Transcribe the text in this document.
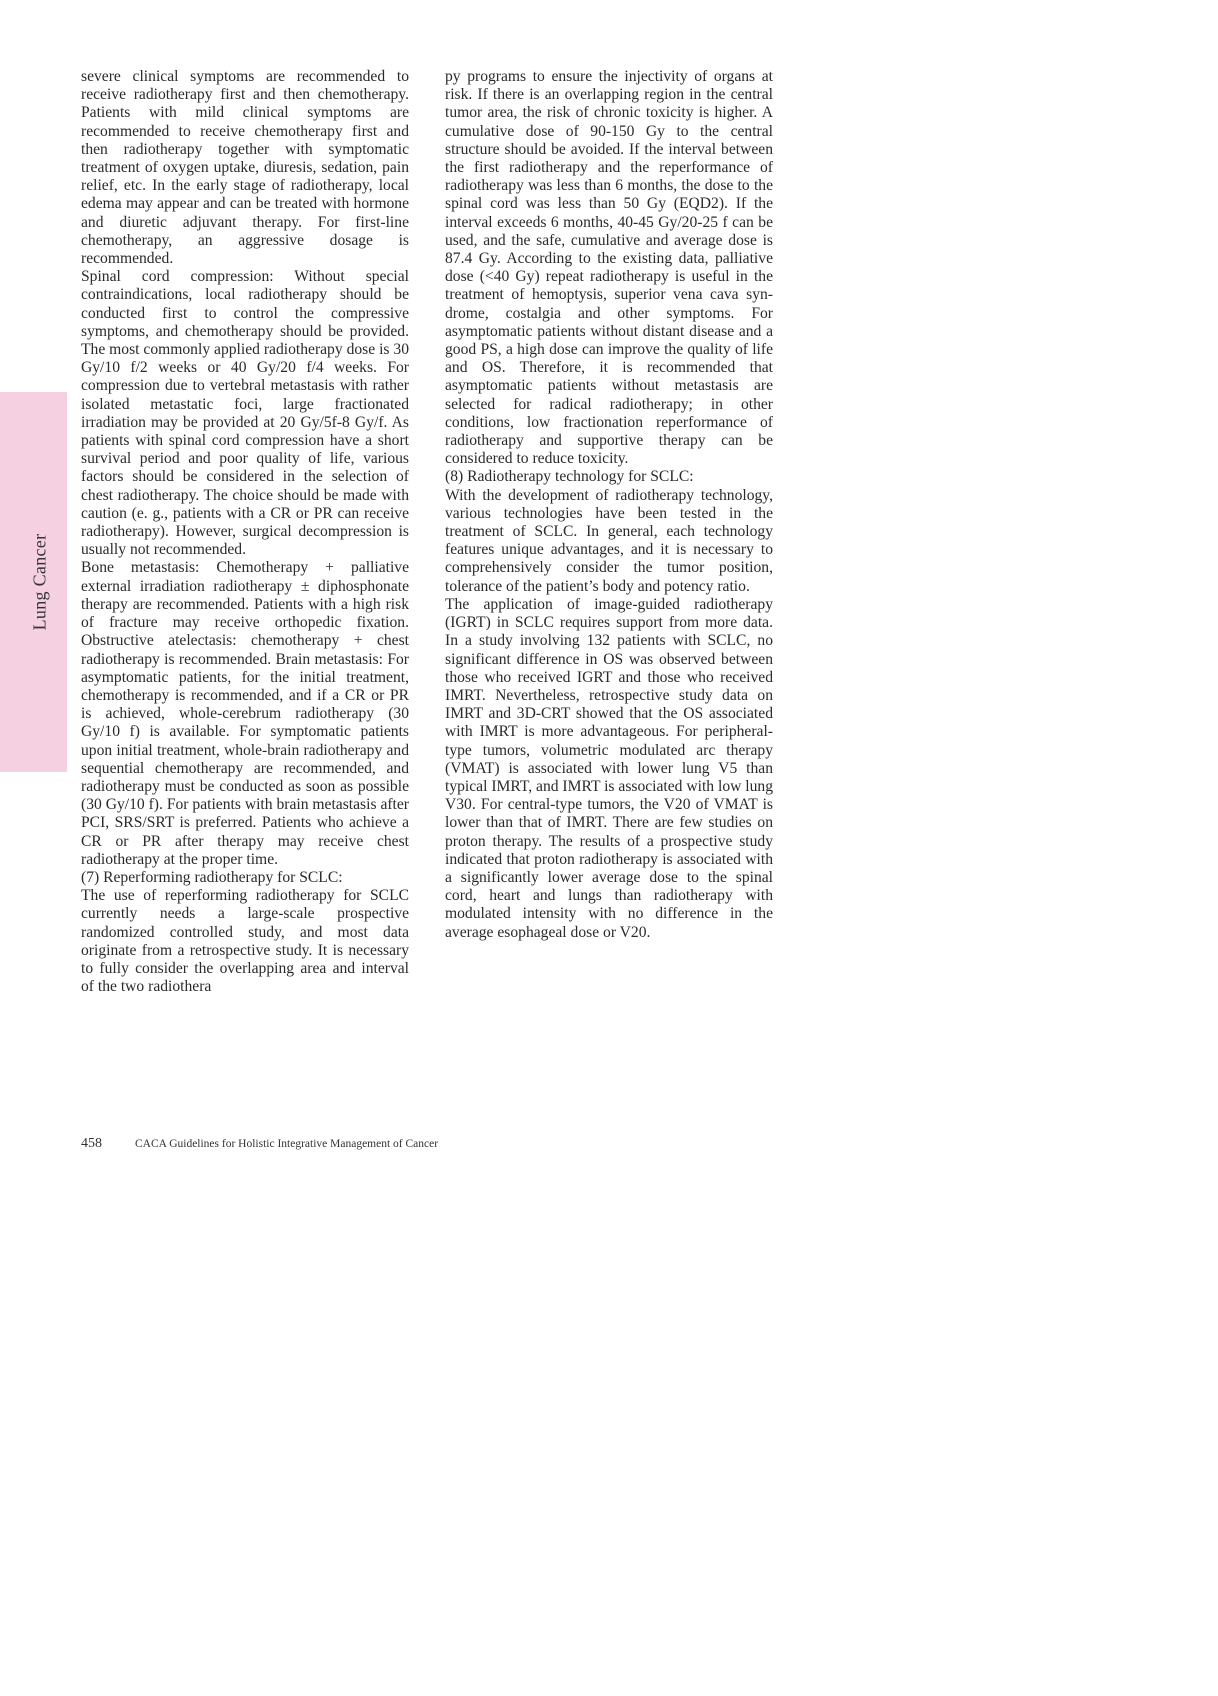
Lung Cancer

severe clinical symptoms are recommended to receive radiotherapy first and then chemotherapy. Patients with mild clinical symptoms are recommended to receive chemotherapy first and then radiotherapy together with symptomatic treatment of oxygen uptake, diuresis, sedation, pain relief, etc. In the early stage of radiotherapy, local edema may appear and can be treated with hormone and diuretic adjuvant therapy. For first-line chemotherapy, an aggressive dosage is recommended.

Spinal cord compression: Without special contraindications, local radiotherapy should be conducted first to control the compressive symptoms, and chemotherapy should be provided. The most commonly applied radiotherapy dose is 30 Gy/10 f/2 weeks or 40 Gy/20 f/4 weeks. For compression due to vertebral metastasis with rather isolated metastatic foci, large fractionated irradiation may be provided at 20 Gy/5f-8 Gy/f. As patients with spinal cord compression have a short survival period and poor quality of life, various factors should be considered in the selection of chest radiotherapy. The choice should be made with caution (e. g., patients with a CR or PR can receive radiotherapy). However, surgical decompression is usually not recommended.

Bone metastasis: Chemotherapy + palliative external irradiation radiotherapy ± diphosphonate therapy are recommended. Patients with a high risk of fracture may receive orthopedic fixation. Obstructive atelectasis: chemotherapy + chest radiotherapy is recommended. Brain metastasis: For asymptomatic patients, for the initial treatment, chemotherapy is recommended, and if a CR or PR is achieved, whole-cerebrum radiotherapy (30 Gy/10 f) is available. For symptomatic patients upon initial treatment, whole-brain radiotherapy and sequential chemotherapy are recommended, and radiotherapy must be conducted as soon as possible (30 Gy/10 f). For patients with brain metastasis after PCI, SRS/SRT is preferred. Patients who achieve a CR or PR after therapy may receive chest radiotherapy at the proper time.

(7) Reperforming radiotherapy for SCLC:

The use of reperforming radiotherapy for SCLC currently needs a large-scale prospective randomized controlled study, and most data originate from a retrospective study. It is necessary to fully consider the overlapping area and interval of the two radiothera

py programs to ensure the injectivity of organs at risk. If there is an overlapping region in the central tumor area, the risk of chronic toxicity is higher. A cumulative dose of 90-150 Gy to the central structure should be avoided. If the interval between the first radiotherapy and the reperformance of radiotherapy was less than 6 months, the dose to the spinal cord was less than 50 Gy (EQD2). If the interval exceeds 6 months, 40-45 Gy/20-25 f can be used, and the safe, cumulative and average dose is 87.4 Gy. According to the existing data, palliative dose (<40 Gy) repeat radiotherapy is useful in the treatment of hemoptysis, superior vena cava syndrome, costalgia and other symptoms. For asymptomatic patients without distant disease and a good PS, a high dose can improve the quality of life and OS. Therefore, it is recommended that asymptomatic patients without metastasis are selected for radical radiotherapy; in other conditions, low fractionation reperformance of radiotherapy and supportive therapy can be considered to reduce toxicity.

(8) Radiotherapy technology for SCLC:

With the development of radiotherapy technology, various technologies have been tested in the treatment of SCLC. In general, each technology features unique advantages, and it is necessary to comprehensively consider the tumor position, tolerance of the patient’s body and potency ratio.

The application of image-guided radiotherapy (IGRT) in SCLC requires support from more data. In a study involving 132 patients with SCLC, no significant difference in OS was observed between those who received IGRT and those who received IMRT. Nevertheless, retrospective study data on IMRT and 3D-CRT showed that the OS associated with IMRT is more advantageous. For peripheral-type tumors, volumetric modulated arc therapy (VMAT) is associated with lower lung V5 than typical IMRT, and IMRT is associated with low lung V30. For central-type tumors, the V20 of VMAT is lower than that of IMRT. There are few studies on proton therapy. The results of a prospective study indicated that proton radiotherapy is associated with a significantly lower average dose to the spinal cord, heart and lungs than radiotherapy with modulated intensity with no difference in the average esophageal dose or V20.

458	CACA Guidelines for Holistic Integrative Management of Cancer
